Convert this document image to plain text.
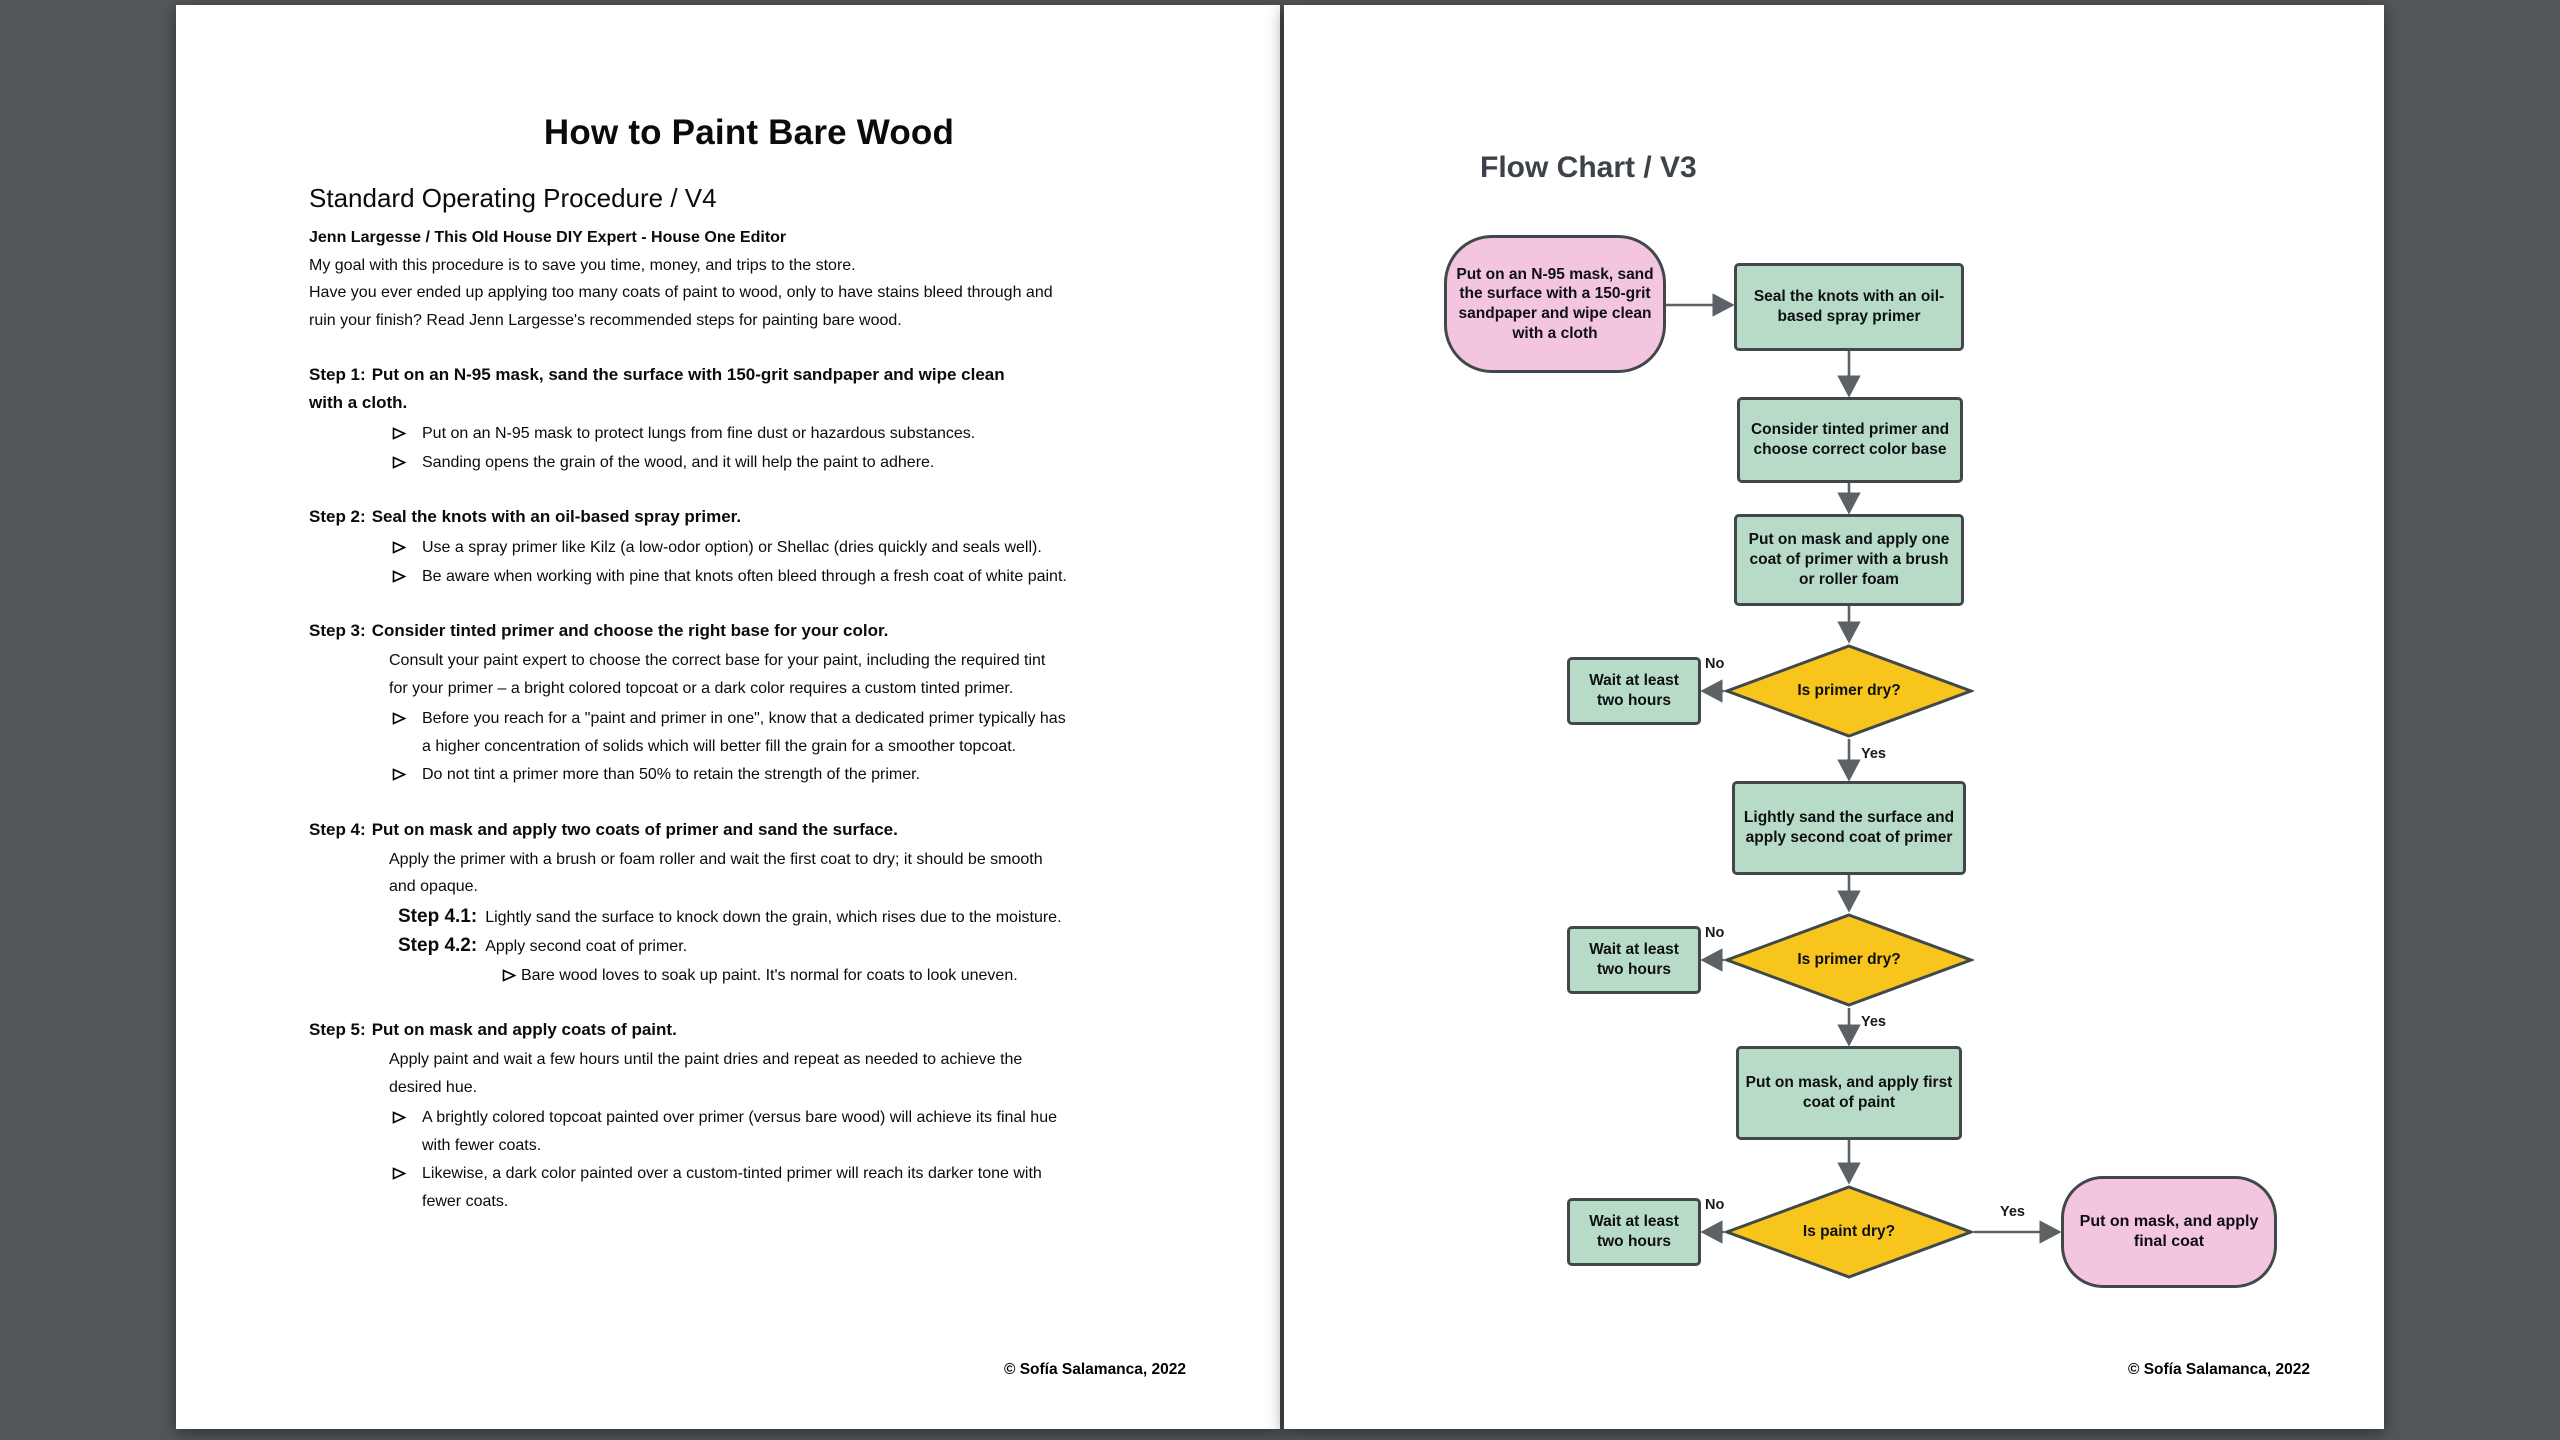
How to Paint Bare Wood
Standard Operating Procedure / V4

Jenn Largesse / This Old House DIY Expert - House One Editor

My goal with this procedure is to save you time, money, and trips to the store.

Have you ever ended up applying too many coats of paint to wood, only to have stains bleed through and ruin your finish? Read Jenn Largesse's recommended steps for painting bare wood.

Step 1: Put on an N-95 mask, sand the surface with 150-grit sandpaper and wipe clean with a cloth.
Put on an N-95 mask to protect lungs from fine dust or hazardous substances.
Sanding opens the grain of the wood, and it will help the paint to adhere.
Step 2: Seal the knots with an oil-based spray primer.
Use a spray primer like Kilz (a low-odor option) or Shellac (dries quickly and seals well).
Be aware when working with pine that knots often bleed through a fresh coat of white paint.
Step 3: Consider tinted primer and choose the right base for your color.

Consult your paint expert to choose the correct base for your paint, including the required tint for your primer – a bright colored topcoat or a dark color requires a custom tinted primer.

Before you reach for a "paint and primer in one", know that a dedicated primer typically has a higher concentration of solids which will better fill the grain for a smoother topcoat.
Do not tint a primer more than 50% to retain the strength of the primer.
Step 4: Put on mask and apply two coats of primer and sand the surface.

Apply the primer with a brush or foam roller and wait the first coat to dry; it should be smooth and opaque.

Step 4.1: Lightly sand the surface to knock down the grain, which rises due to the moisture.

Step 4.2: Apply second coat of primer.

Bare wood loves to soak up paint. It's normal for coats to look uneven.
Step 5: Put on mask and apply coats of paint.

Apply paint and wait a few hours until the paint dries and repeat as needed to achieve the desired hue.

A brightly colored topcoat painted over primer (versus bare wood) will achieve its final hue with fewer coats.
Likewise, a dark color painted over a custom-tinted primer will reach its darker tone with fewer coats.
© Sofía Salamanca, 2022
Flow Chart / V3
Put on an N-95 mask, sand the surface with a 150-grit sandpaper and wipe clean with a cloth
Seal the knots with an oil-based spray primer
Consider tinted primer and choose correct color base
Put on mask and apply one coat of primer with a brush or roller foam
Is primer dry?
Wait at least two hours
No
Yes
Lightly sand the surface and apply second coat of primer
Is primer dry?
Wait at least two hours
No
Yes
Put on mask, and apply first coat of paint
Is paint dry?
Wait at least two hours
No	Yes
Put on mask, and apply final coat
© Sofía Salamanca, 2022
